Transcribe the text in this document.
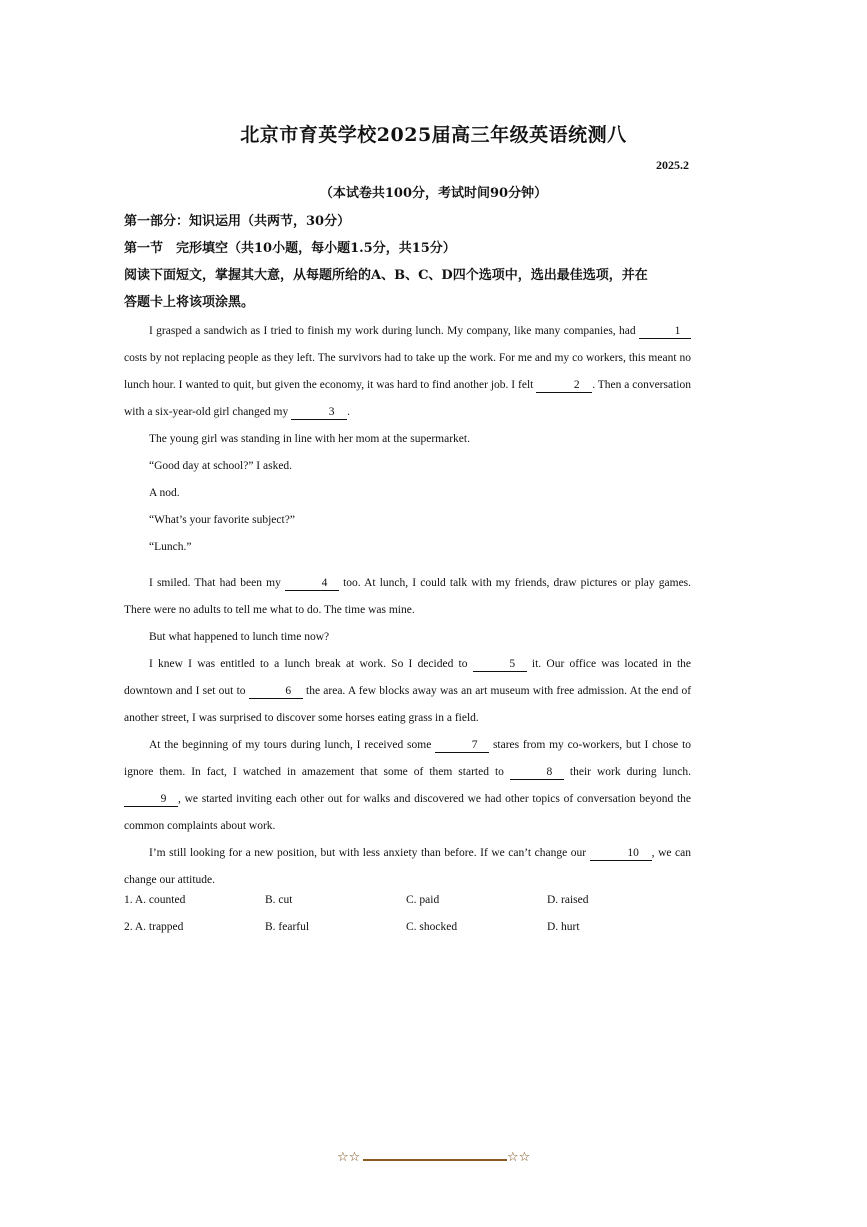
北京市育英学校2025届高三年级英语统测八
2025.2
（本试卷共100分，考试时间90分钟）
第一部分：知识运用（共两节，30分）
第一节　完形填空（共10小题，每小题1.5分，共15分）
阅读下面短文，掌握其大意，从每题所给的A、B、C、D四个选项中，选出最佳选项，并在
答题卡上将该项涂黑。

I grasped a sandwich as I tried to finish my work during lunch. My company, like many companies, had	1 costs by not replacing people as they left. The survivors had to take up the work. For me and my co workers, this meant no lunch hour. I wanted to quit, but given the economy, it was hard to find another job. I felt	2 . Then a conversation with a six-year-old girl changed my	3 .

The young girl was standing in line with her mom at the supermarket.

“Good day at school?” I asked.

A nod.

“What’s your favorite subject?”

“Lunch.”

I smiled. That had been my	4 too. At lunch, I could talk with my friends, draw pictures or play games. There were no adults to tell me what to do. The time was mine.

But what happened to lunch time now?

I knew I was entitled to a lunch break at work. So I decided to	5 it. Our office was located in the downtown and I set out to	6 the area. A few blocks away was an art museum with free admission. At the end of another street, I was surprised to discover some horses eating grass in a field.

At the beginning of my tours during lunch, I received some	7 stares from my co-workers, but I chose to ignore them. In fact, I watched in amazement that some of them started to	8 their work during lunch. 9 , we started inviting each other out for walks and discovered we had other topics of conversation beyond the common complaints about work.

I’m still looking for a new position, but with less anxiety than before. If we can’t change our	10 , we can change our attitude.

1. A. counted	B. cut	C. paid	D. raised
2. A. trapped	B. fearful	C. shocked	D. hurt
☆☆	☆☆
